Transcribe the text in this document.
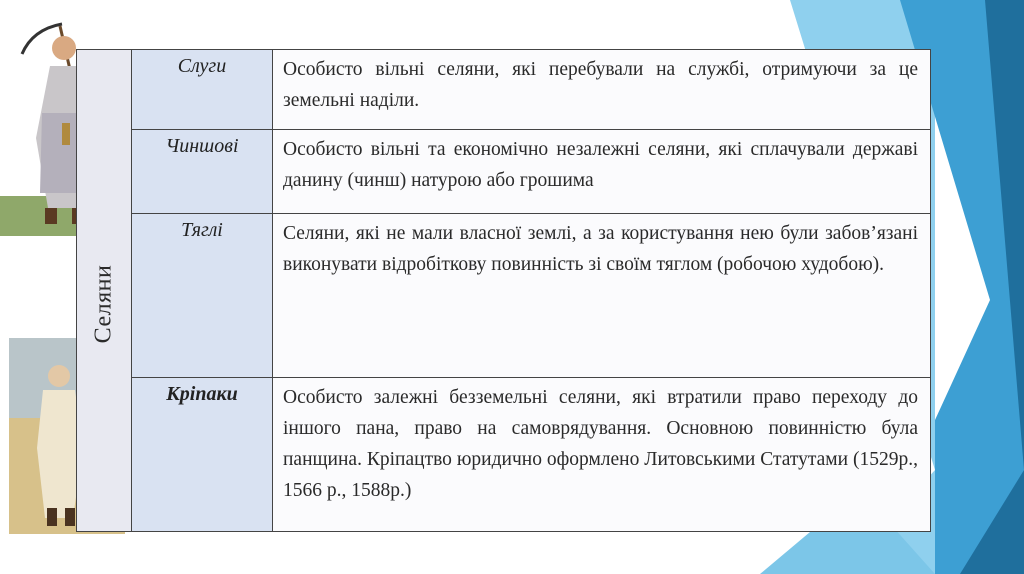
Селяни	Слуги	Особисто вільні селяни, які перебували на службі, отримуючи за це земельні наділи.

	Чиншові	Особисто вільні та економічно незалежні селяни, які сплачували державі данину (чинш) натурою або грошима

	Тяглі	Селяни, які не мали власної землі, а за користування нею були забов’язані виконувати відробіткову повинність зі своїм тяглом (робочою худобою).

	Кріпаки	Особисто залежні безземельні селяни, які втратили право переходу до іншого пана, право на самоврядування. Основною повинністю була панщина. Кріпацтво юридично оформлено Литовськими Статутами (1529р., 1566 р., 1588р.)
